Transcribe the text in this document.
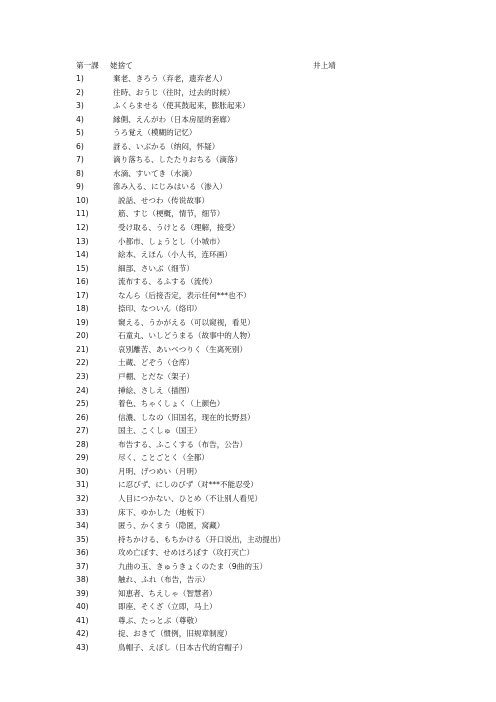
第一課 姥捨て	井上靖
1)	棄老、きろう（弃老，遗弃老人）
2)	往時、おうじ（往时，过去的时候）
3)	ふくらませる（使其鼓起来，膨胀起来）
4)	縁側、えんがわ（日本房屋的套廊）
5)	うろ覚え（模糊的记忆）
6)	訝る、いぶかる（纳闷，怀疑）
7)	滴り落ちる、したたりおちる（滴落）
8)	水滴、すいてき（水滴）
9)	滲み入る、にじみはいる（渗入）
10)	説話、せつわ（传说故事）
11)	筋、すじ（梗概，情节，细节）
12)	受け取る、うけとる（理解，接受）
13)	小都市、しょうとし（小城市）
14)	絵本、えほん（小人书，连环画）
15)	細部、さいぶ（细节）
16)	流布する、るふする（流传）
17)	なんら（后接否定，表示任何***也不）
18)	捺印、なついん（络印）
19)	窺える、うかがえる（可以窥视，看见）
20)	石童丸、いしどうまる（故事中的人物）
21)	哀別離苦、あいべつりく（生离死别）
22)	土蔵、どぞう（仓库）
23)	戸棚、とだな（架子）
24)	挿絵、さしえ（插图）
25)	着色、ちゃくしょく（上颜色）
26)	信濃、しなの（旧国名，现在的长野县）
27)	国主、こくしゅ（国王）
28)	布告する、ふこくする（布告，公告）
29)	尽く、ことごとく（全都）
30)	月明、げつめい（月明）
31)	に忍びず、にしのびず（对***不能忍受）
32)	人目につかない、ひとめ（不让别人看见）
33)	床下、ゆかした（地板下）
34)	匿う、かくまう（隐匿，窝藏）
35)	持ちかける、もちかける（开口说出，主动提出）
36)	攻め亡ぼす、せめほろぼす（攻打灭亡）
37)	九曲の玉、きゅうきょくのたま（9曲的玉）
38)	触れ、ふれ（布告，告示）
39)	知恵者、ちえしゃ（智慧者）
40)	即座、そくざ（立即，马上）
41)	尊ぶ、たっとぶ（尊敬）
42)	掟、おきて（惯例，旧规章制度）
43)	鳥帽子、えぼし（日本古代的官帽子）
